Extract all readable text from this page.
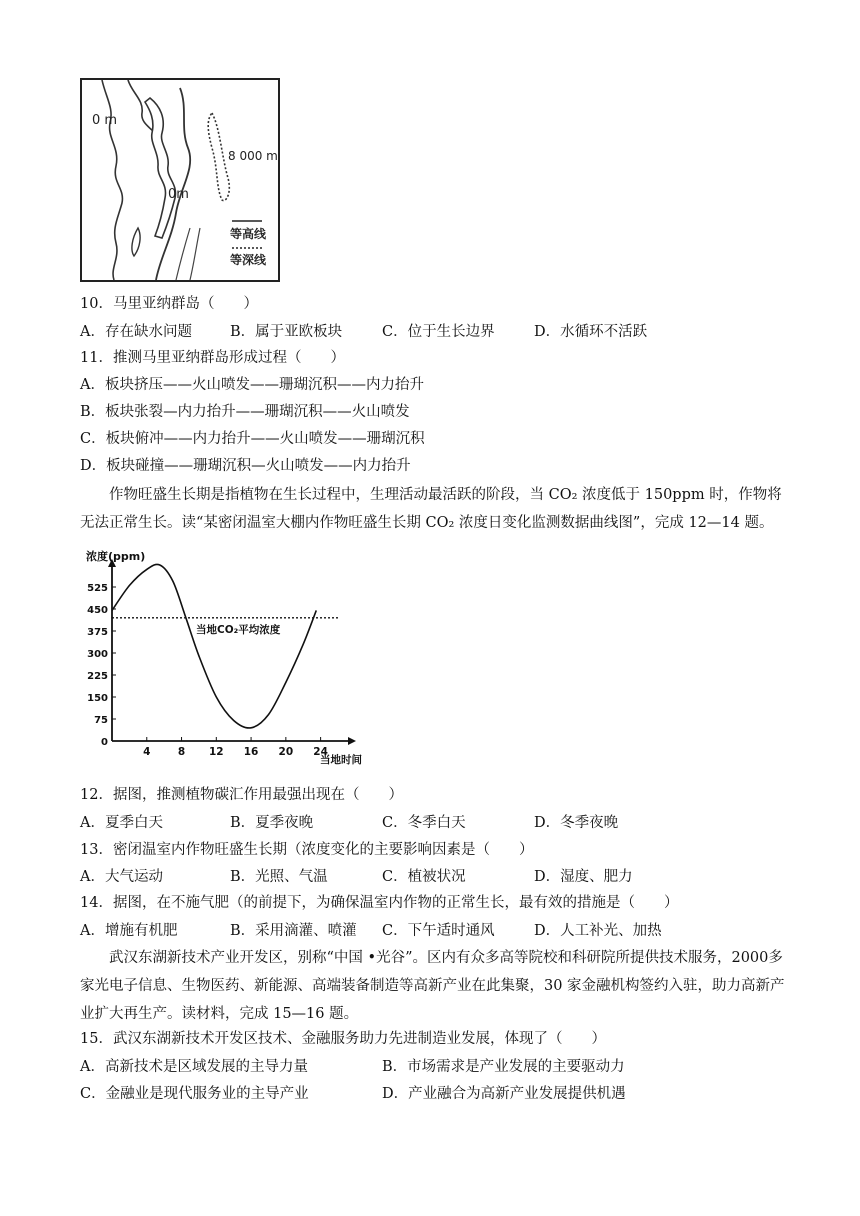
0 m
8 000 m
0m
等高线
等深线
10．马里亚纳群岛（　　）
A．存在缺水问题	B．属于亚欧板块	C．位于生长边界	D．水循环不活跃
11．推测马里亚纳群岛形成过程（　　）
A．板块挤压——火山喷发——珊瑚沉积——内力抬升
B．板块张裂—内力抬升——珊瑚沉积——火山喷发
C．板块俯冲——内力抬升——火山喷发——珊瑚沉积
D．板块碰撞——珊瑚沉积—火山喷发——内力抬升
作物旺盛生长期是指植物在生长过程中，生理活动最活跃的阶段，当 CO₂ 浓度低于 150ppm 时，作物将无法正常生长。读“某密闭温室大棚内作物旺盛生长期 CO₂ 浓度日变化监测数据曲线图”，完成 12—14 题。
0
75
150
225
300
375
450
525
4	8 12 16 20 24
浓度(ppm)
当地时间
当地CO₂平均浓度
12．据图，推测植物碳汇作用最强出现在（　　）
A．夏季白天	B．夏季夜晚	C．冬季白天	D．冬季夜晚
13．密闭温室内作物旺盛生长期（浓度变化的主要影响因素是（　　）
A．大气运动	B．光照、气温	C．植被状况	D．湿度、肥力
14．据图，在不施气肥（的前提下，为确保温室内作物的正常生长，最有效的措施是（　　）
A．增施有机肥	B．采用滴灌、喷灌 C．下午适时通风	D．人工补光、加热
武汉东湖新技术产业开发区，别称“中国 •光谷”。区内有众多高等院校和科研院所提供技术服务，2000多家光电子信息、生物医药、新能源、高端装备制造等高新产业在此集聚，30 家金融机构签约入驻，助力高新产业扩大再生产。读材料，完成 15—16 题。
15．武汉东湖新技术开发区技术、金融服务助力先进制造业发展，体现了（　　）
A．高新技术是区域发展的主导力量	B．市场需求是产业发展的主要驱动力
C．金融业是现代服务业的主导产业	D．产业融合为高新产业发展提供机遇
